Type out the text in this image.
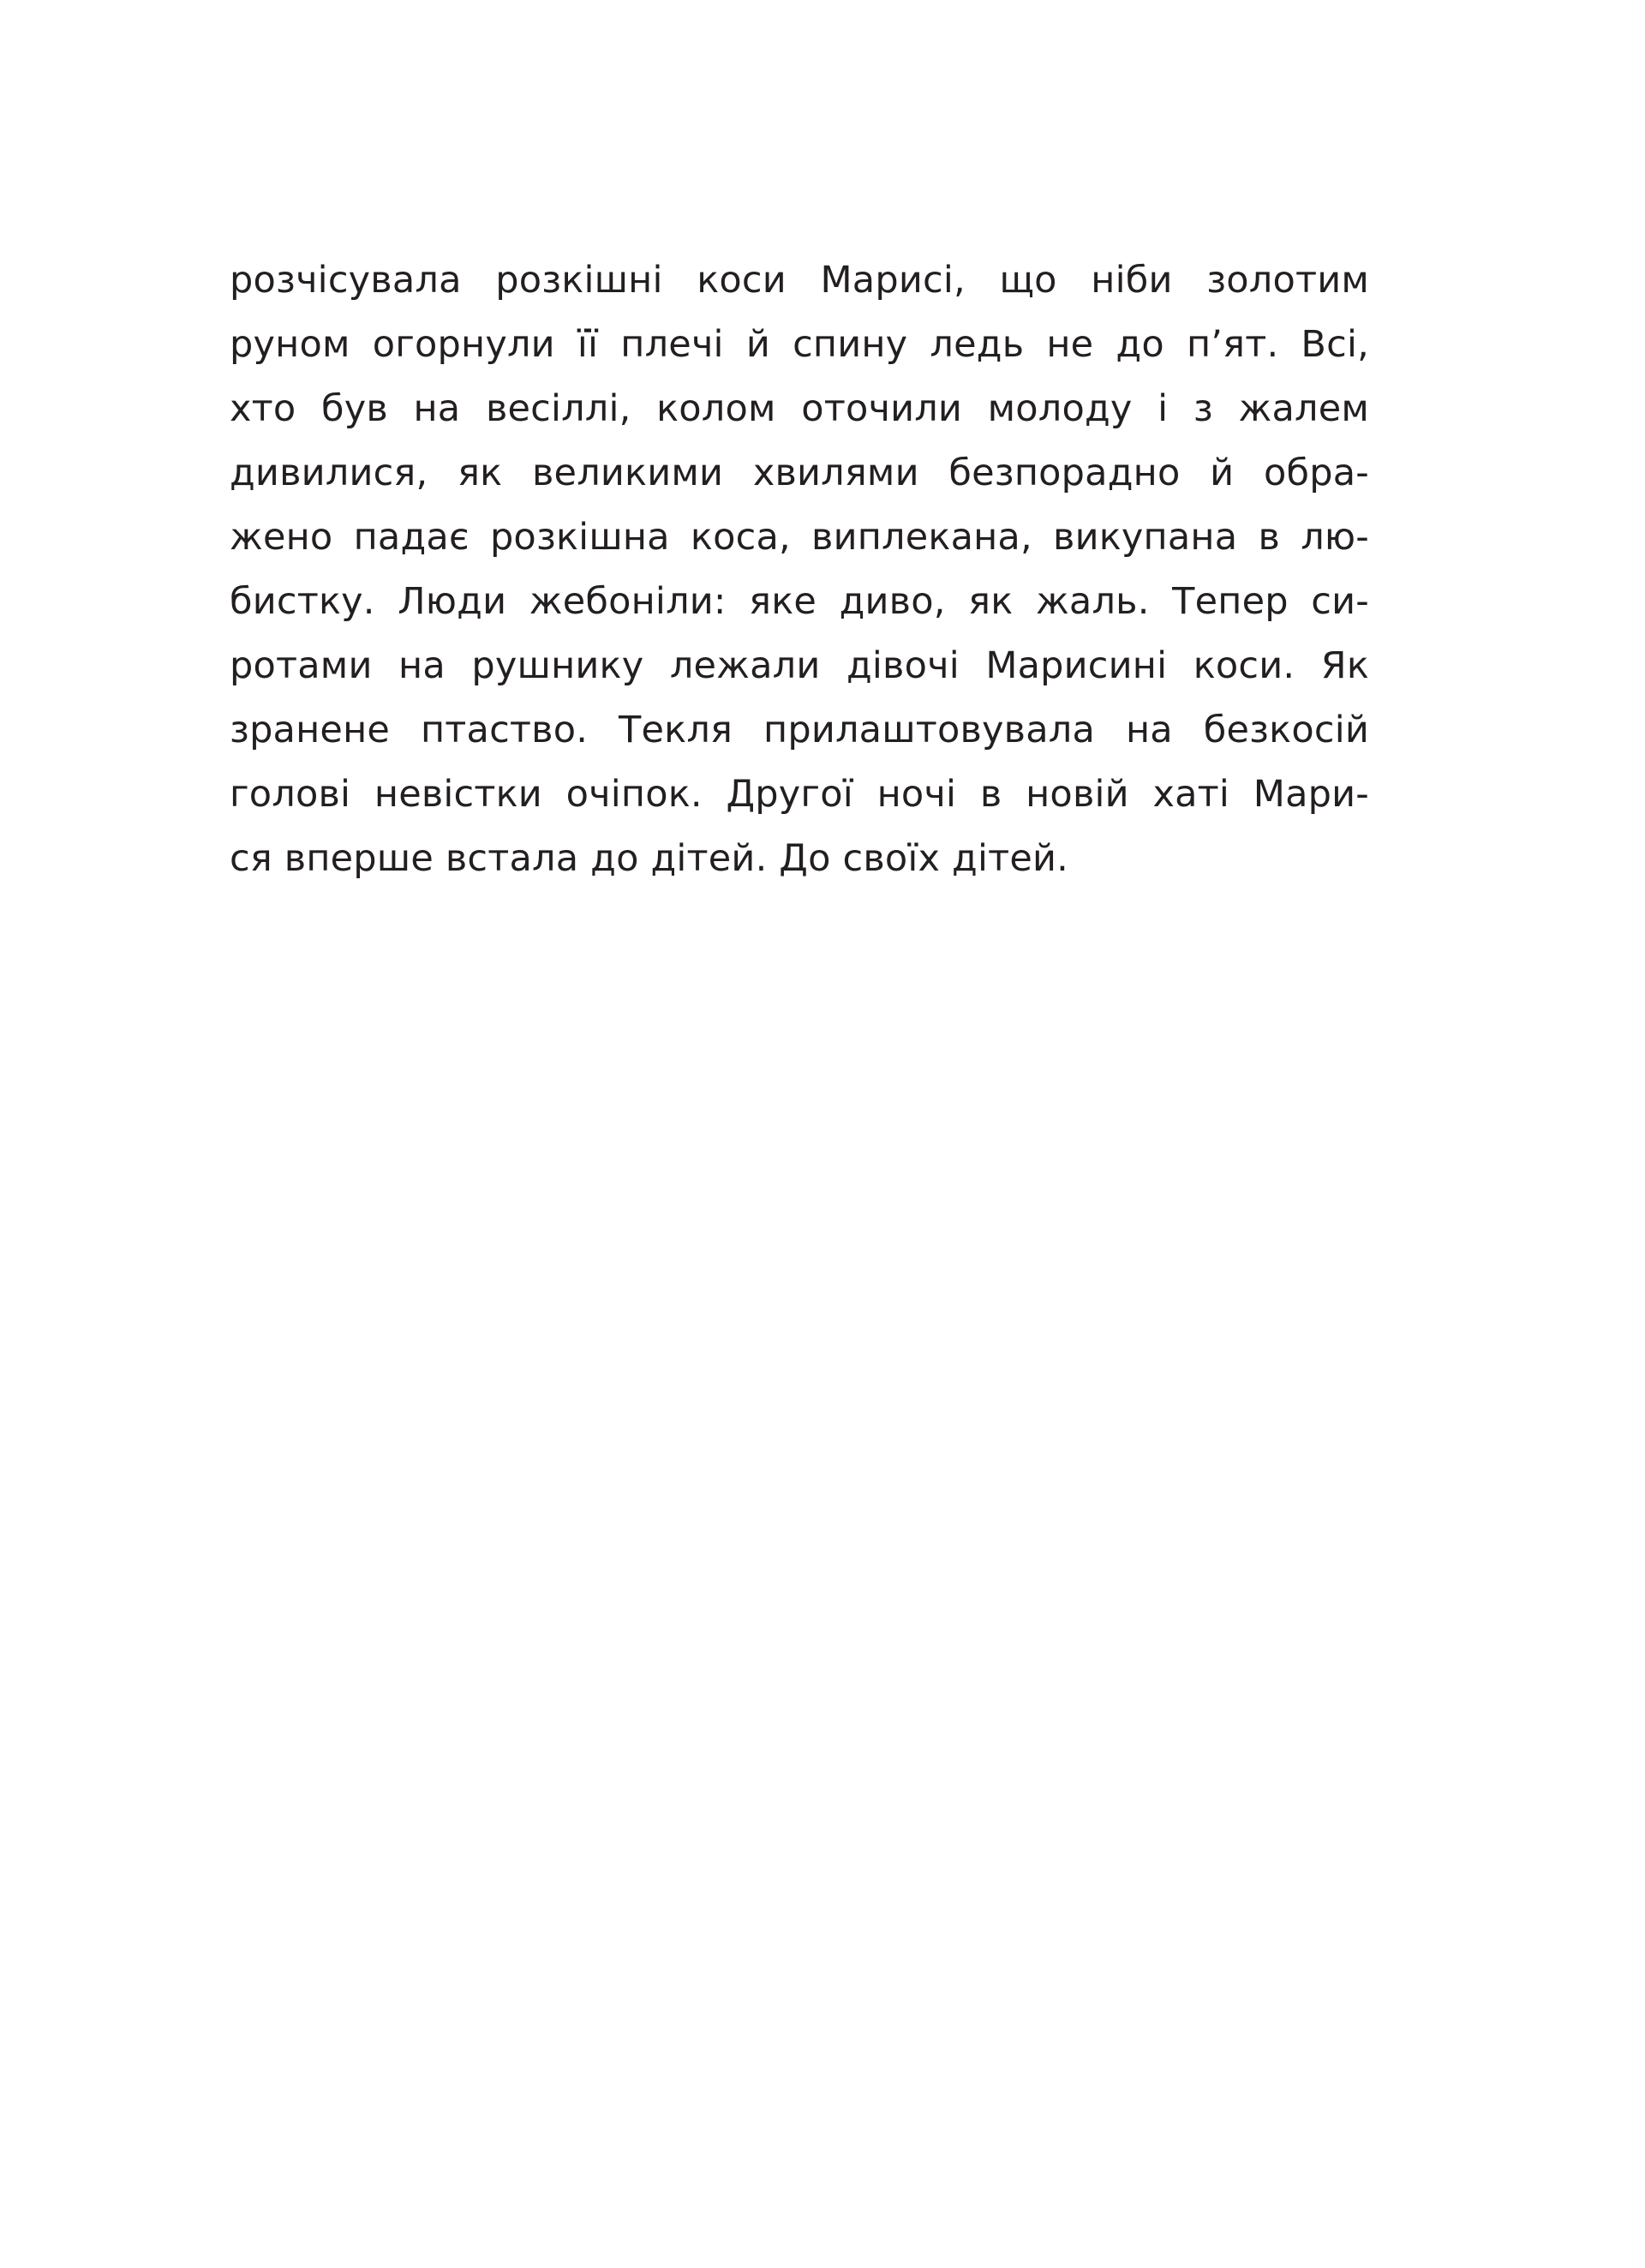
розчісувала розкішні коси Марисі, що ніби золотим
руном огорнули її плечі й спину ледь не до п’ят. Всі,
хто був на весіллі, колом оточили молоду і з жалем
дивилися, як великими хвилями безпорадно й обра-
жено падає розкішна коса, виплекана, викупана в лю-
бистку. Люди жебоніли: яке диво, як жаль. Тепер си-
ротами на рушнику лежали дівочі Марисині коси. Як
зранене птаство. Текля прилаштовувала на безкосій
голові невістки очіпок. Другої ночі в новій хаті Мари-
ся вперше встала до дітей. До своїх дітей.
